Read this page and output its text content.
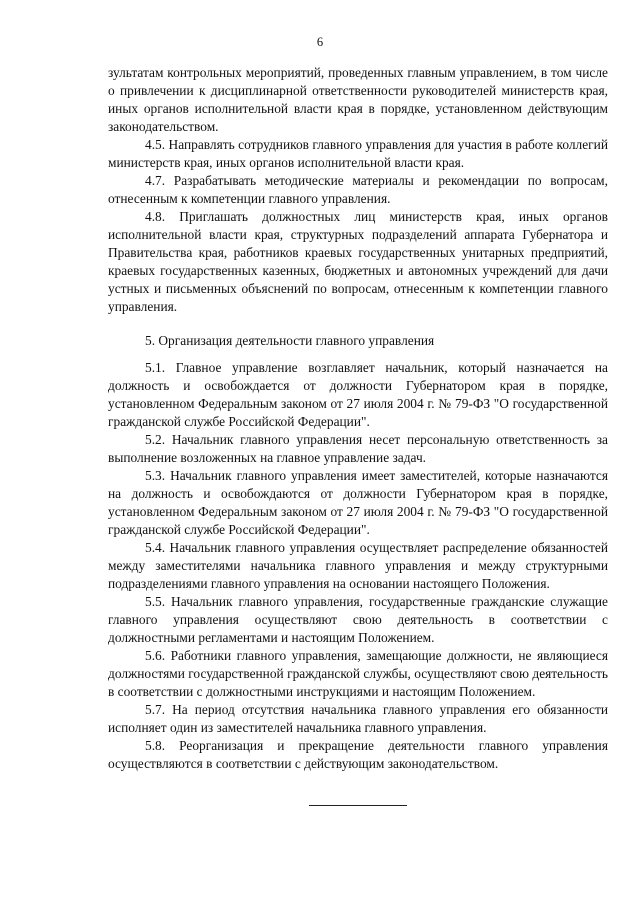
6

зультатам контрольных мероприятий, проведенных главным управлением, в том числе о привлечении к дисциплинарной ответственности руководителей министерств края, иных органов исполнительной власти края в порядке, установленном действующим законодательством.

4.5. Направлять сотрудников главного управления для участия в работе коллегий министерств края, иных органов исполнительной власти края.

4.7. Разрабатывать методические материалы и рекомендации по вопросам, отнесенным к компетенции главного управления.

4.8. Приглашать должностных лиц министерств края, иных органов исполнительной власти края, структурных подразделений аппарата Губернатора и Правительства края, работников краевых государственных унитарных предприятий, краевых государственных казенных, бюджетных и автономных учреждений для дачи устных и письменных объяснений по вопросам, отнесенным к компетенции главного управления.

5. Организация деятельности главного управления

5.1. Главное управление возглавляет начальник, который назначается на должность и освобождается от должности Губернатором края в порядке, установленном Федеральным законом от 27 июля 2004 г. № 79-ФЗ "О государственной гражданской службе Российской Федерации".

5.2. Начальник главного управления несет персональную ответственность за выполнение возложенных на главное управление задач.

5.3. Начальник главного управления имеет заместителей, которые назначаются на должность и освобождаются от должности Губернатором края в порядке, установленном Федеральным законом от 27 июля 2004 г. № 79-ФЗ "О государственной гражданской службе Российской Федерации".

5.4. Начальник главного управления осуществляет распределение обязанностей между заместителями начальника главного управления и между структурными подразделениями главного управления на основании настоящего Положения.

5.5. Начальник главного управления, государственные гражданские служащие главного управления осуществляют свою деятельность в соответствии с должностными регламентами и настоящим Положением.

5.6. Работники главного управления, замещающие должности, не являющиеся должностями государственной гражданской службы, осуществляют свою деятельность в соответствии с должностными инструкциями и настоящим Положением.

5.7. На период отсутствия начальника главного управления его обязанности исполняет один из заместителей начальника главного управления.

5.8. Реорганизация и прекращение деятельности главного управления осуществляются в соответствии с действующим законодательством.
